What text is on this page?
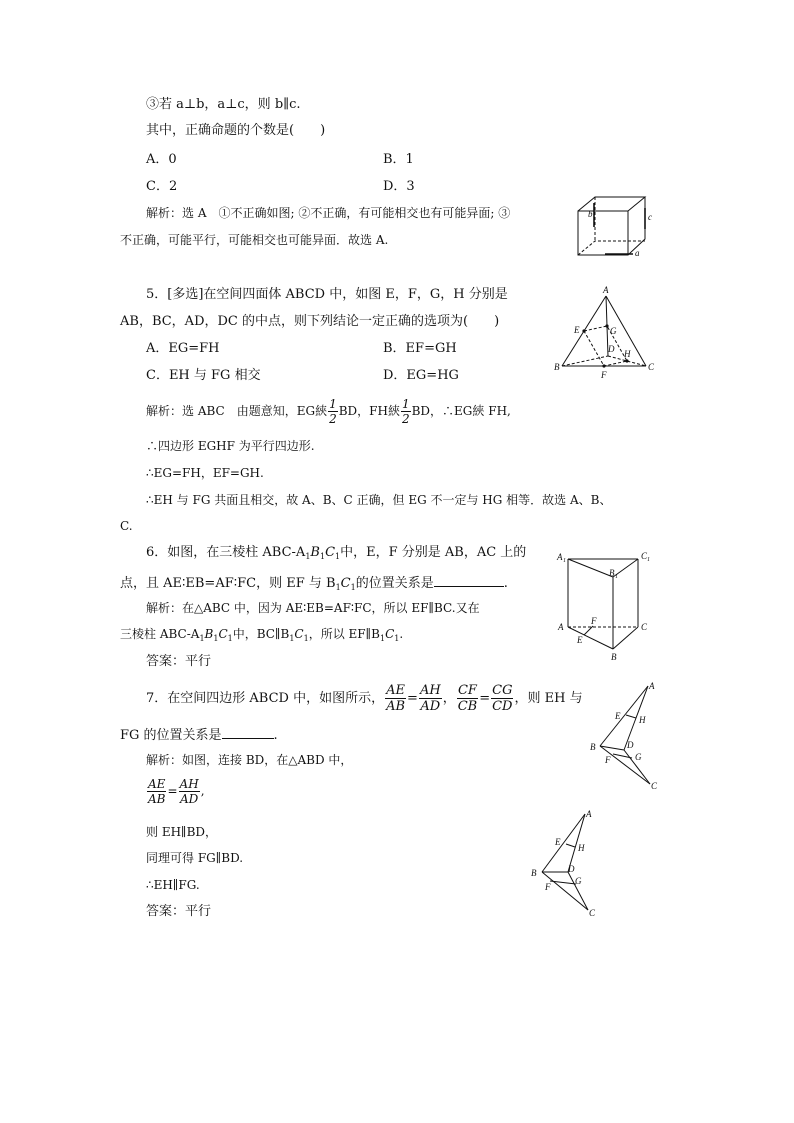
③若 a⊥b，a⊥c，则 b∥c.
其中，正确命题的个数是(　　)
A．0	B．1
C．2	D．3
解析：选 A　①不正确如图; ②不正确，有可能相交也有可能异面; ③
不正确，可能平行，可能相交也可能异面．故选 A.
b	c
a
5．[多选]在空间四面体 ABCD 中，如图 E，F，G，H 分别是
AB，BC，AD，DC 的中点，则下列结论一定正确的选项为(　　)
A．EG=FH	B．EF=GH
C．EH 与 FG 相交	D．EG=HG
解析：选 ABC　由题意知，EG綊 $\frac{1}{2}$ BD，FH綊 $\frac{1}{2}$ BD，∴EG綊 FH,
∴四边形 EGHF 为平行四边形.
∴EG=FH，EF=GH.
∴EH 与 FG 共面且相交，故 A、B、C 正确，但 EG 不一定与 HG 相等．故选 A、B、
C.
A
E	G
D H
B
F
C
6．如图，在三棱柱 ABC-$A_1B_1C_1$中，E，F 分别是 AB，AC 上的
点，且 AE∶EB=AF∶FC，则 EF 与 $B_1C_1$的位置关系是	.
解析：在△ABC 中，因为 AE∶EB=AF∶FC，所以 EF∥BC.又在
三棱柱 ABC-$A_1B_1C_1$中，$BC\parallel B_1C_1$，所以 $EF\parallel B_1C_1$.
答案：平行
A 1	C 1
B 1
F
A	C
E
B
7．在空间四边形 ABCD 中，如图所示， $\frac{AE}{AB} = \frac{AH}{AD}$ ， $\frac{CF}{CB} = \frac{CG}{CD}$ ，则 EH 与
FG 的位置关系是	.
解析：如图，连接 BD，在△ABD 中，
$\frac{AE}{AB} = \frac{AH}{AD}$ ,
则 EH∥BD，
同理可得 FG∥BD.
∴EH∥FG.
答案：平行
A
E H
B	D
F	G
C
A
E
H
B	D
F
G
C
